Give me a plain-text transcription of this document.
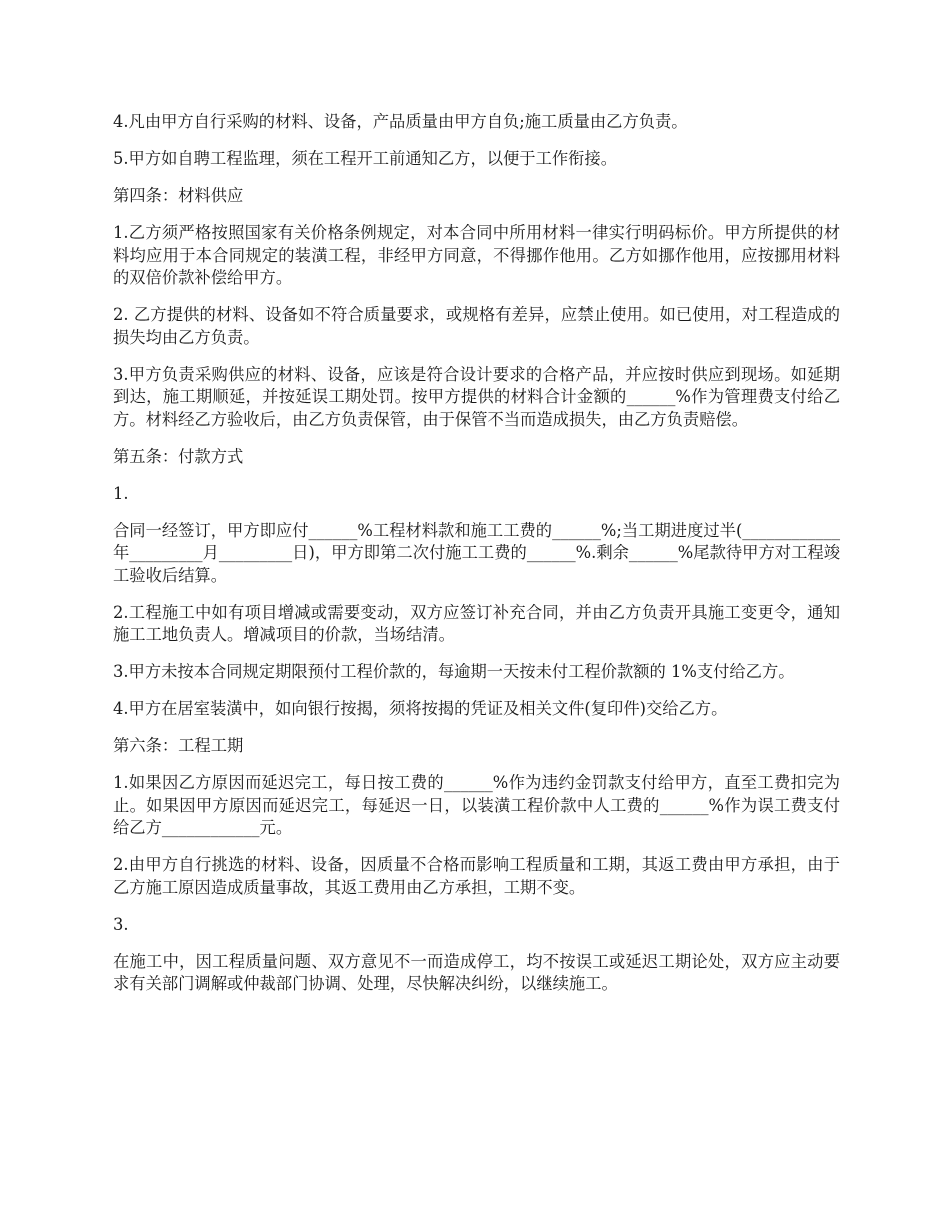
4.凡由甲方自行采购的材料、设备，产品质量由甲方自负;施工质量由乙方负责。

5.甲方如自聘工程监理，须在工程开工前通知乙方，以便于工作衔接。

第四条：材料供应

1.乙方须严格按照国家有关价格条例规定，对本合同中所用材料一律实行明码标价。甲方所提供的材料均应用于本合同规定的装潢工程，非经甲方同意，不得挪作他用。乙方如挪作他用，应按挪用材料的双倍价款补偿给甲方。

2. 乙方提供的材料、设备如不符合质量要求，或规格有差异，应禁止使用。如已使用，对工程造成的损失均由乙方负责。

3.甲方负责采购供应的材料、设备，应该是符合设计要求的合格产品，并应按时供应到现场。如延期到达，施工期顺延，并按延误工期处罚。按甲方提供的材料合计金额的______%作为管理费支付给乙方。材料经乙方验收后，由乙方负责保管，由于保管不当而造成损失，由乙方负责赔偿。

第五条：付款方式

1.

合同一经签订，甲方即应付______%工程材料款和施工工费的______%;当工期进度过半(____________年_________月_________日)，甲方即第二次付施工工费的______%.剩余______%尾款待甲方对工程竣工验收后结算。

2.工程施工中如有项目增减或需要变动，双方应签订补充合同，并由乙方负责开具施工变更令，通知施工工地负责人。增减项目的价款，当场结清。

3.甲方未按本合同规定期限预付工程价款的，每逾期一天按未付工程价款额的 1%支付给乙方。

4.甲方在居室装潢中，如向银行按揭，须将按揭的凭证及相关文件(复印件)交给乙方。

第六条：工程工期

1.如果因乙方原因而延迟完工，每日按工费的______%作为违约金罚款支付给甲方，直至工费扣完为止。如果因甲方原因而延迟完工，每延迟一日，以装潢工程价款中人工费的______%作为误工费支付给乙方____________元。

2.由甲方自行挑选的材料、设备，因质量不合格而影响工程质量和工期，其返工费由甲方承担，由于乙方施工原因造成质量事故，其返工费用由乙方承担，工期不变。

3.

在施工中，因工程质量问题、双方意见不一而造成停工，均不按误工或延迟工期论处，双方应主动要求有关部门调解或仲裁部门协调、处理，尽快解决纠纷，以继续施工。
